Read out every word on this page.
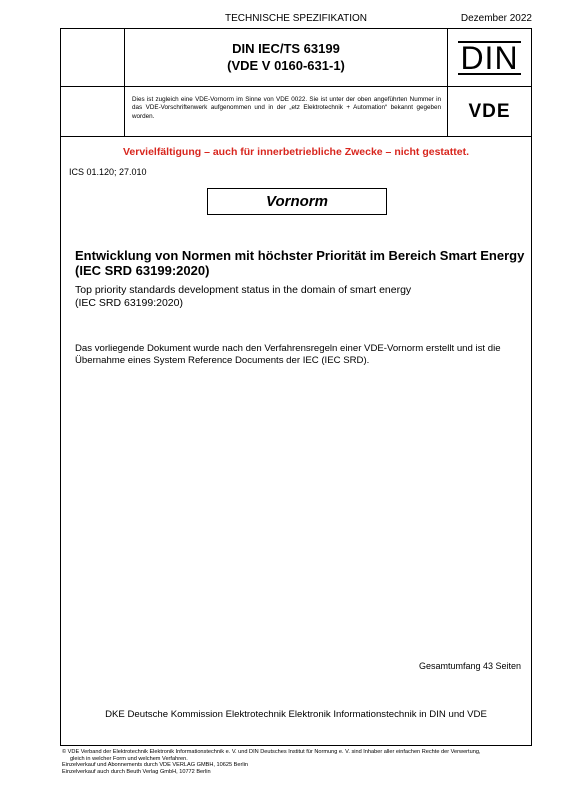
TECHNISCHE SPEZIFIKATION	Dezember 2022
DIN IEC/TS 63199
(VDE V 0160-631-1)	DIN
Dies ist zugleich eine VDE-Vornorm im Sinne von VDE 0022. Sie ist unter der oben angeführten Nummer in das VDE-Vorschriftenwerk aufgenommen und in der „etz Elektrotechnik + Automation“ bekannt gegeben worden.	VDE
Vervielfältigung – auch für innerbetriebliche Zwecke – nicht gestattet.
ICS 01.120; 27.010
Vornorm
Entwicklung von Normen mit höchster Priorität im Bereich Smart Energy
(IEC SRD 63199:2020)
Top priority standards development status in the domain of smart energy
(IEC SRD 63199:2020)
Das vorliegende Dokument wurde nach den Verfahrensregeln einer VDE-Vornorm erstellt und ist die Übernahme eines System Reference Documents der IEC (IEC SRD).
Gesamtumfang 43 Seiten
DKE Deutsche Kommission Elektrotechnik Elektronik Informationstechnik in DIN und VDE
© VDE Verband der Elektrotechnik Elektronik Informationstechnik e. V. und DIN Deutsches Institut für Normung e. V. sind Inhaber aller einfachen Rechte der Verwertung,
gleich in welcher Form und welchem Verfahren.
Einzelverkauf und Abonnements durch VDE VERLAG GMBH, 10625 Berlin
Einzelverkauf auch durch Beuth Verlag GmbH, 10772 Berlin
